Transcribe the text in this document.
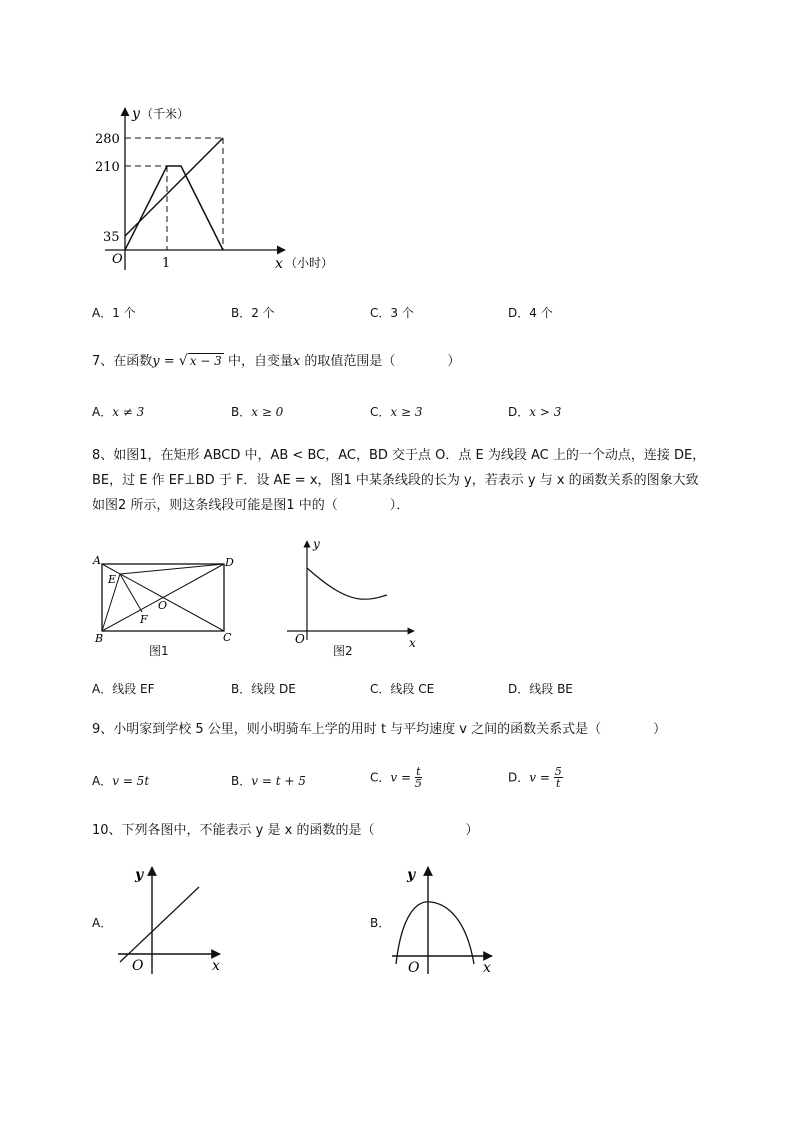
y （千米）
280
210
35
O	1	x （小时）
A．1 个	B．2 个	C．3 个	D．4 个
7、在函数y = √ x − 3 中，自变量x 的取值范围是（　　　　）
A．x ≠ 3	B．x ≥ 0	C．x ≥ 3	D．x > 3
8、如图1，在矩形 ABCD 中，AB < BC，AC，BD 交于点 O．点 E 为线段 AC 上的一个动点，连接 DE，
BE，过 E 作 EF⊥BD 于 F．设 AE = x，图1 中某条线段的长为 y，若表示 y 与 x 的函数关系的图象大致
如图2 所示，则这条线段可能是图1 中的（　　　　）．
A	D
E
F
O
B	C
图1
y
x
O
图2
A．线段 EF	B．线段 DE	C．线段 CE	D．线段 BE
9、小明家到学校 5 公里，则小明骑车上学的用时 t 与平均速度 v 之间的函数关系式是（　　　　）
A．v = 5t	B．v = t + 5	C．$v = \frac{t}{5}$	D．$v = \frac{5}{t}$
10、下列各图中，不能表示 y 是 x 的函数的是（　　　　　　　）
A．
y
x
O
B．
y
x
O
